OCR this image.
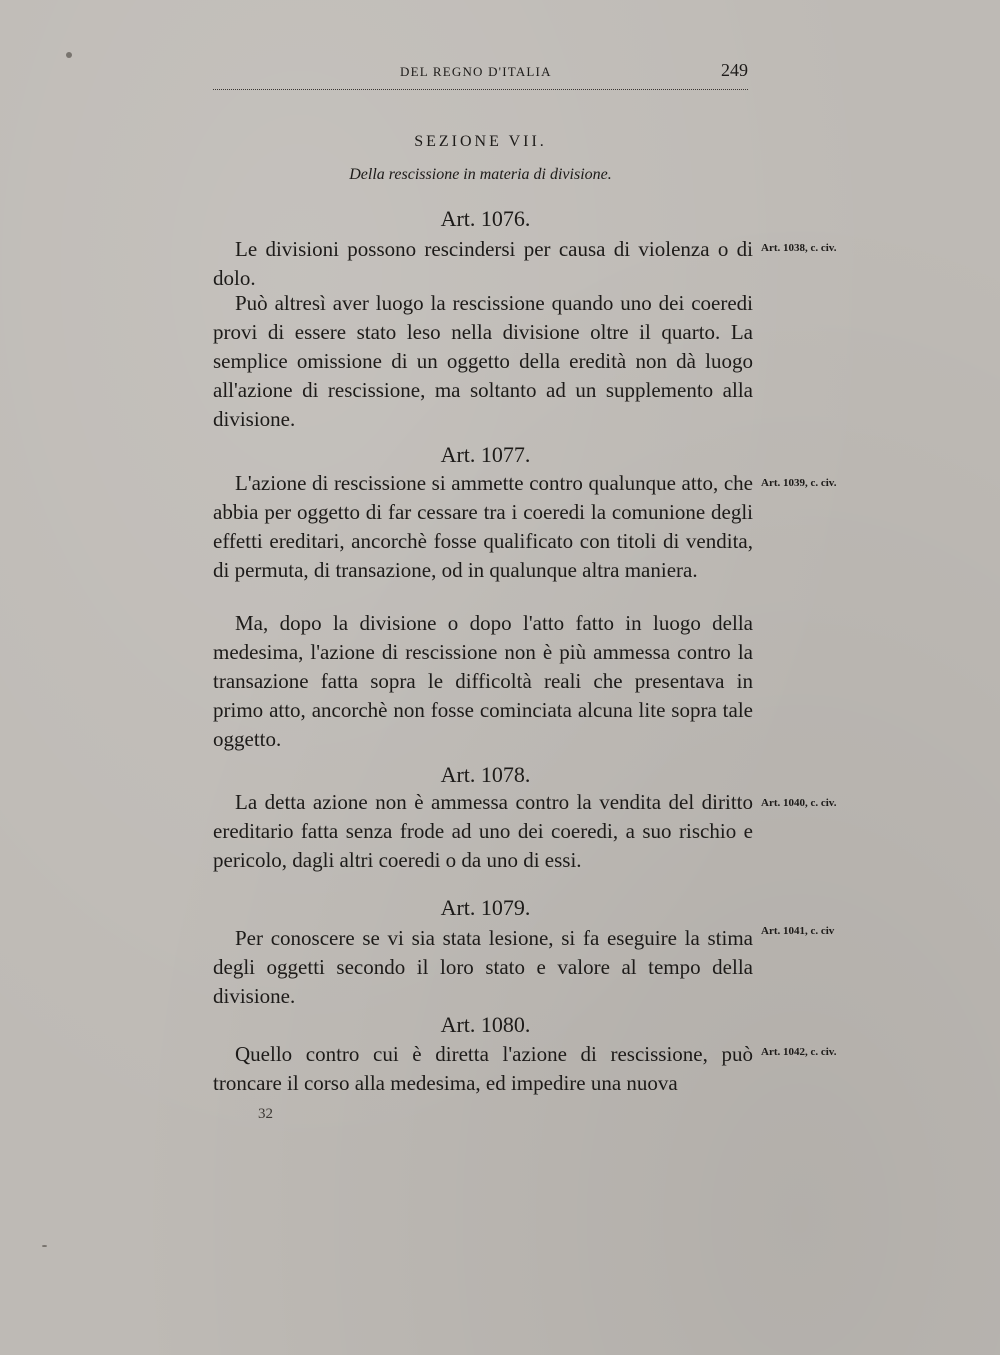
DEL REGNO D'ITALIA	249
SEZIONE VII.
Della rescissione in materia di divisione.
Art. 1076.
Art. 1038, c. civ.

Le divisioni possono rescindersi per causa di violenza o di dolo.

Può altresì aver luogo la rescissione quando uno dei coeredi provi di essere stato leso nella divisione oltre il quarto. La semplice omissione di un oggetto della eredità non dà luogo all'azione di rescissione, ma soltanto ad un supplemento alla divisione.

Art. 1077.
Art. 1039, c. civ.

L'azione di rescissione si ammette contro qualunque atto, che abbia per oggetto di far cessare tra i coeredi la comunione degli effetti ereditari, ancorchè fosse qualificato con titoli di vendita, di permuta, di transazione, od in qualunque altra maniera.

Ma, dopo la divisione o dopo l'atto fatto in luogo della medesima, l'azione di rescissione non è più ammessa contro la transazione fatta sopra le difficoltà reali che presentava in primo atto, ancorchè non fosse cominciata alcuna lite sopra tale oggetto.

Art. 1078.
Art. 1040, c. civ.

La detta azione non è ammessa contro la vendita del diritto ereditario fatta senza frode ad uno dei coeredi, a suo rischio e pericolo, dagli altri coeredi o da uno di essi.

Art. 1079.
Art. 1041, c. civ

Per conoscere se vi sia stata lesione, si fa eseguire la stima degli oggetti secondo il loro stato e valore al tempo della divisione.

Art. 1080.
Art. 1042, c. civ.

Quello contro cui è diretta l'azione di rescissione, può troncare il corso alla medesima, ed impedire una nuova

32
